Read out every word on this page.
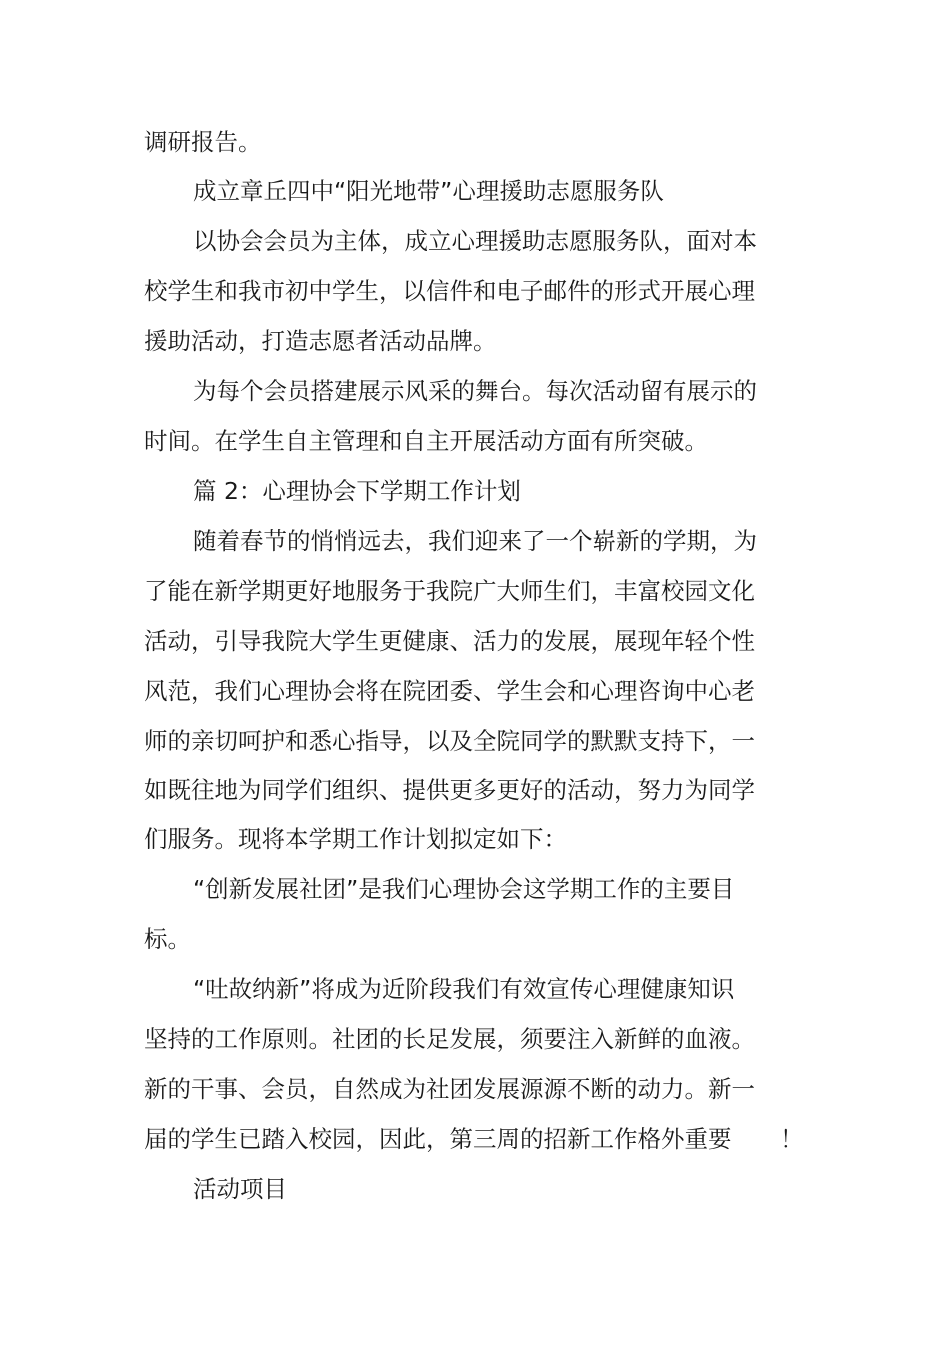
调研报告。
成立章丘四中“阳光地带”心理援助志愿服务队
以协会会员为主体，成立心理援助志愿服务队，面对本
校学生和我市初中学生，以信件和电子邮件的形式开展心理
援助活动，打造志愿者活动品牌。
为每个会员搭建展示风采的舞台。每次活动留有展示的
时间。在学生自主管理和自主开展活动方面有所突破。
篇 2：心理协会下学期工作计划
随着春节的悄悄远去，我们迎来了一个崭新的学期，为
了能在新学期更好地服务于我院广大师生们，丰富校园文化
活动，引导我院大学生更健康、活力的发展，展现年轻个性
风范，我们心理协会将在院团委、学生会和心理咨询中心老
师的亲切呵护和悉心指导，以及全院同学的默默支持下，一
如既往地为同学们组织、提供更多更好的活动，努力为同学
们服务。现将本学期工作计划拟定如下：
“创新发展社团”是我们心理协会这学期工作的主要目
标。
“吐故纳新”将成为近阶段我们有效宣传心理健康知识
坚持的工作原则。社团的长足发展，须要注入新鲜的血液。
新的干事、会员，自然成为社团发展源源不断的动力。新一
届的学生已踏入校园，因此，第三周的招新工作格外重要 ！
活动项目
